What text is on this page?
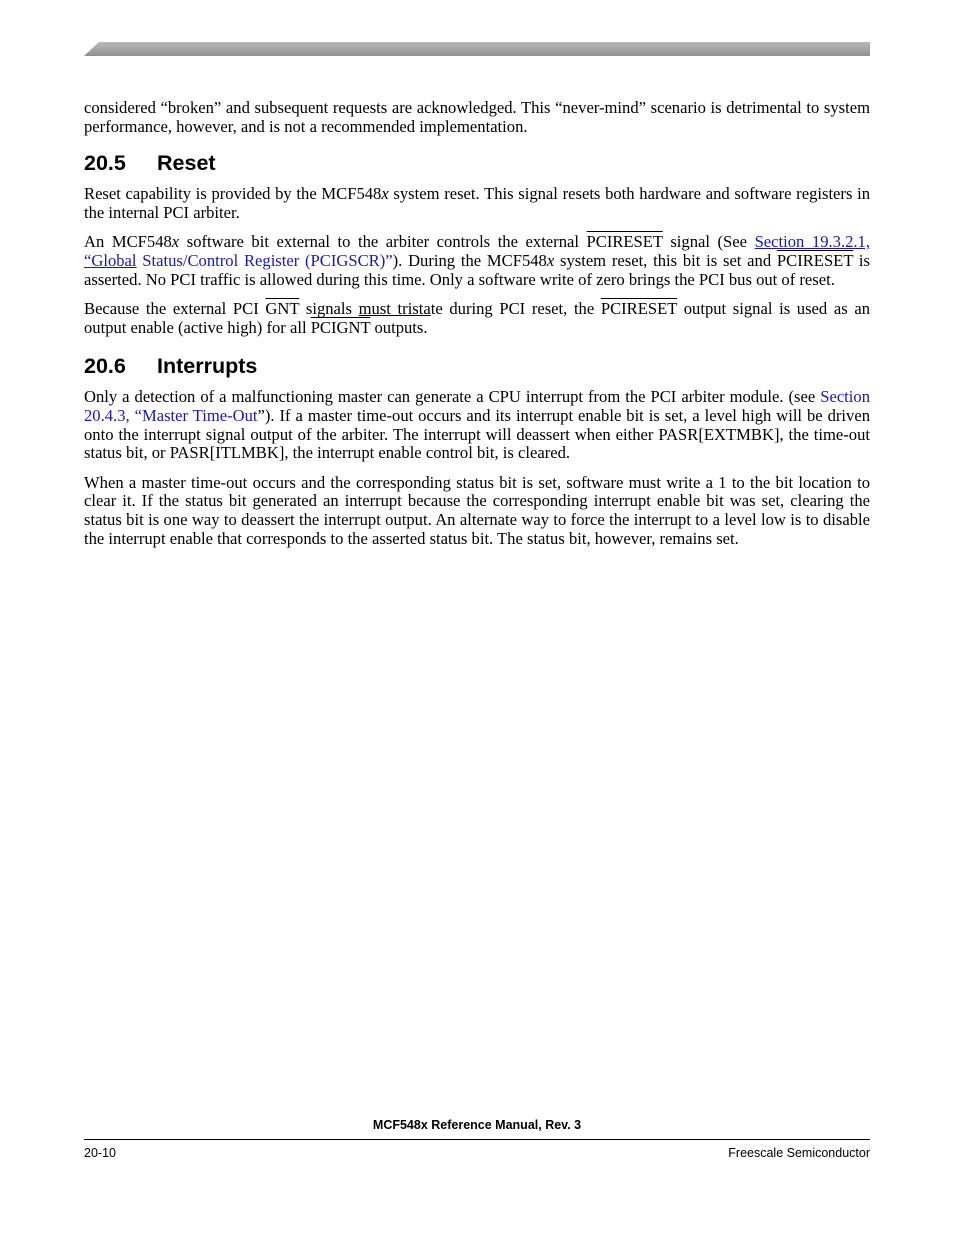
considered “broken” and subsequent requests are acknowledged. This “never-mind” scenario is detrimental to system performance, however, and is not a recommended implementation.

20.5 Reset

Reset capability is provided by the MCF548x system reset. This signal resets both hardware and software registers in the internal PCI arbiter.

An MCF548x software bit external to the arbiter controls the external PCIRESET signal (See Section 19.3.2.1, “Global Status/Control Register (PCIGSCR)”). During the MCF548x system reset, this bit is set and PCIRESET is asserted. No PCI traffic is allowed during this time. Only a software write of zero brings the PCI bus out of reset.

Because the external PCI $\overline{GNT}$ signals must tristate during PCI reset, the PCIRESET output signal is used as an output enable (active high) for all PCIGNT outputs.

20.6 Interrupts

Only a detection of a malfunctioning master can generate a CPU interrupt from the PCI arbiter module. (see Section 20.4.3, “Master Time-Out”). If a master time-out occurs and its interrupt enable bit is set, a level high will be driven onto the interrupt signal output of the arbiter. The interrupt will deassert when either PASR[EXTMBK], the time-out status bit, or PASR[ITLMBK], the interrupt enable control bit, is cleared.

When a master time-out occurs and the corresponding status bit is set, software must write a 1 to the bit location to clear it. If the status bit generated an interrupt because the corresponding interrupt enable bit was set, clearing the status bit is one way to deassert the interrupt output. An alternate way to force the interrupt to a level low is to disable the interrupt enable that corresponds to the asserted status bit. The status bit, however, remains set.

MCF548x Reference Manual, Rev. 3
20-10	Freescale Semiconductor
